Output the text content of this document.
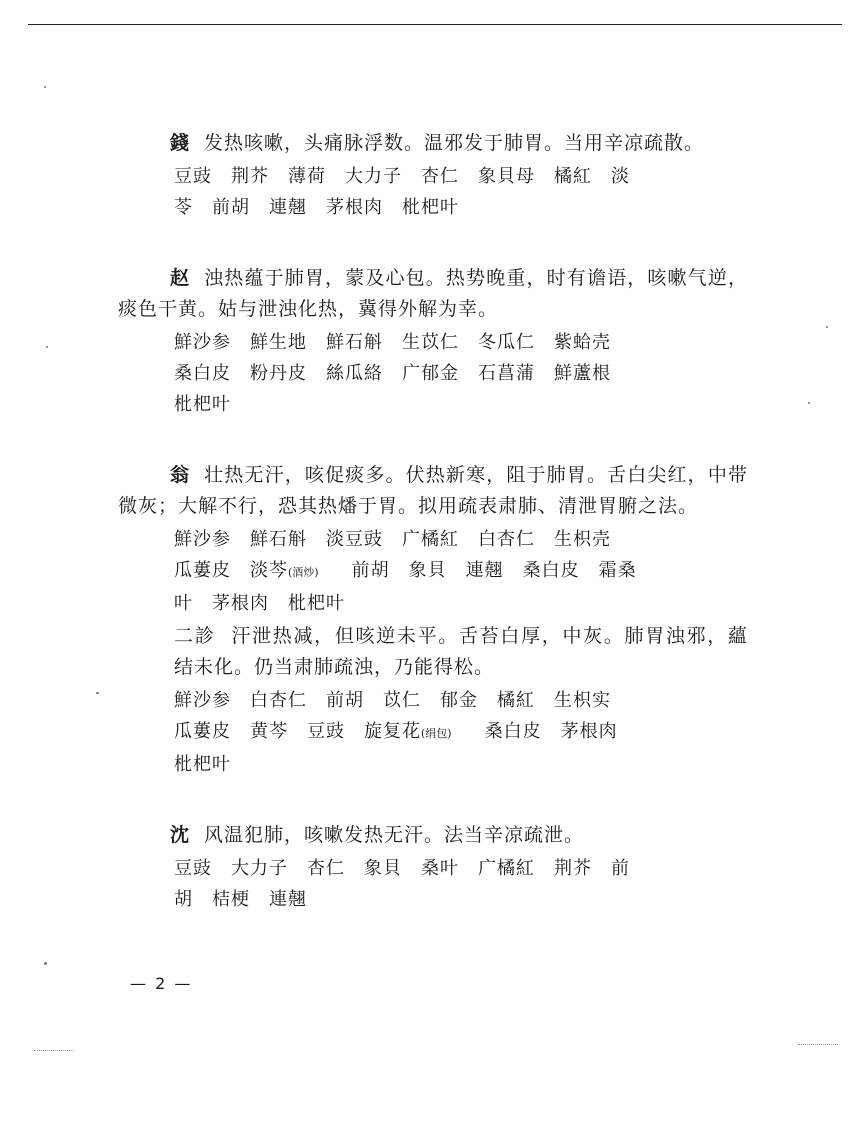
錢 发热咳嗽，头痛脉浮数。温邪发于肺胃。当用辛凉疏散。

豆豉　荆芥　薄荷　大力子　杏仁　象貝母　橘紅　淡
苓　前胡　連翹　茅根肉　枇杷叶

赵 浊热蕴于肺胃，蒙及心包。热势晚重，时有谵语，咳嗽气逆，痰色干黄。姑与泄浊化热，冀得外解为幸。

鮮沙参　鮮生地　鮮石斛　生苡仁　冬瓜仁　紫蛤壳
桑白皮　粉丹皮　絲瓜絡　广郁金　石菖蒲　鮮蘆根
枇杷叶

翁 壮热无汗，咳促痰多。伏热新寒，阻于肺胃。舌白尖红，中带微灰；大解不行，恐其热燔于胃。拟用疏表肃肺、清泄胃腑之法。

鮮沙参　鮮石斛　淡豆豉　广橘紅　白杏仁　生枳壳
瓜蔞皮　淡芩(酒炒)　前胡　象貝　連翹　桑白皮　霜桑
叶　茅根肉　枇杷叶

二診 汗泄热减，但咳逆未平。舌苔白厚，中灰。肺胃浊邪，蘊结未化。仍当肃肺疏浊，乃能得松。

鮮沙参　白杏仁　前胡　苡仁　郁金　橘紅　生枳实
瓜蔞皮　黄芩　豆豉　旋复花(绢包)　桑白皮　茅根肉
枇杷叶

沈 风温犯肺，咳嗽发热无汗。法当辛凉疏泄。

豆豉　大力子　杏仁　象貝　桑叶　广橘紅　荆芥　前
胡　桔梗　連翹
— 2 —
